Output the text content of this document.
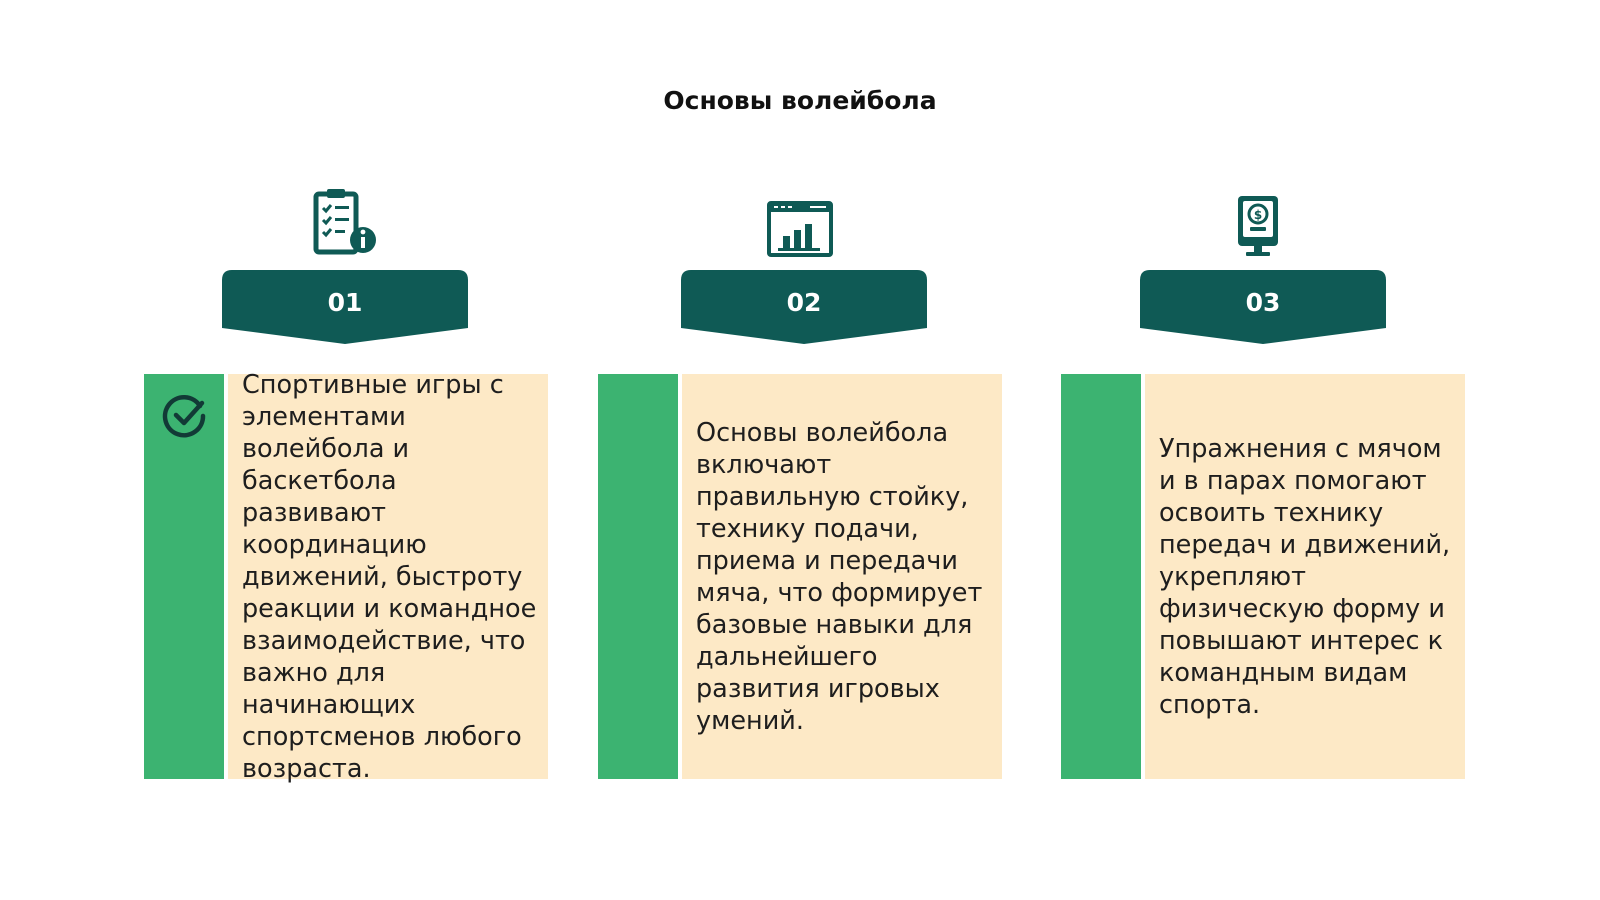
Основы волейбола
01
Спортивные игры с элементами волейбола и баскетбола развивают координацию движений, быстроту реакции и командное взаимодействие, что важно для начинающих спортсменов любого возраста.
02
Основы волейбола включают правильную стойку, технику подачи, приема и передачи мяча, что формирует базовые навыки для дальнейшего развития игровых умений.
$
03
Упражнения с мячом и в парах помогают освоить технику передач и движений, укрепляют физическую форму и повышают интерес к командным видам спорта.
